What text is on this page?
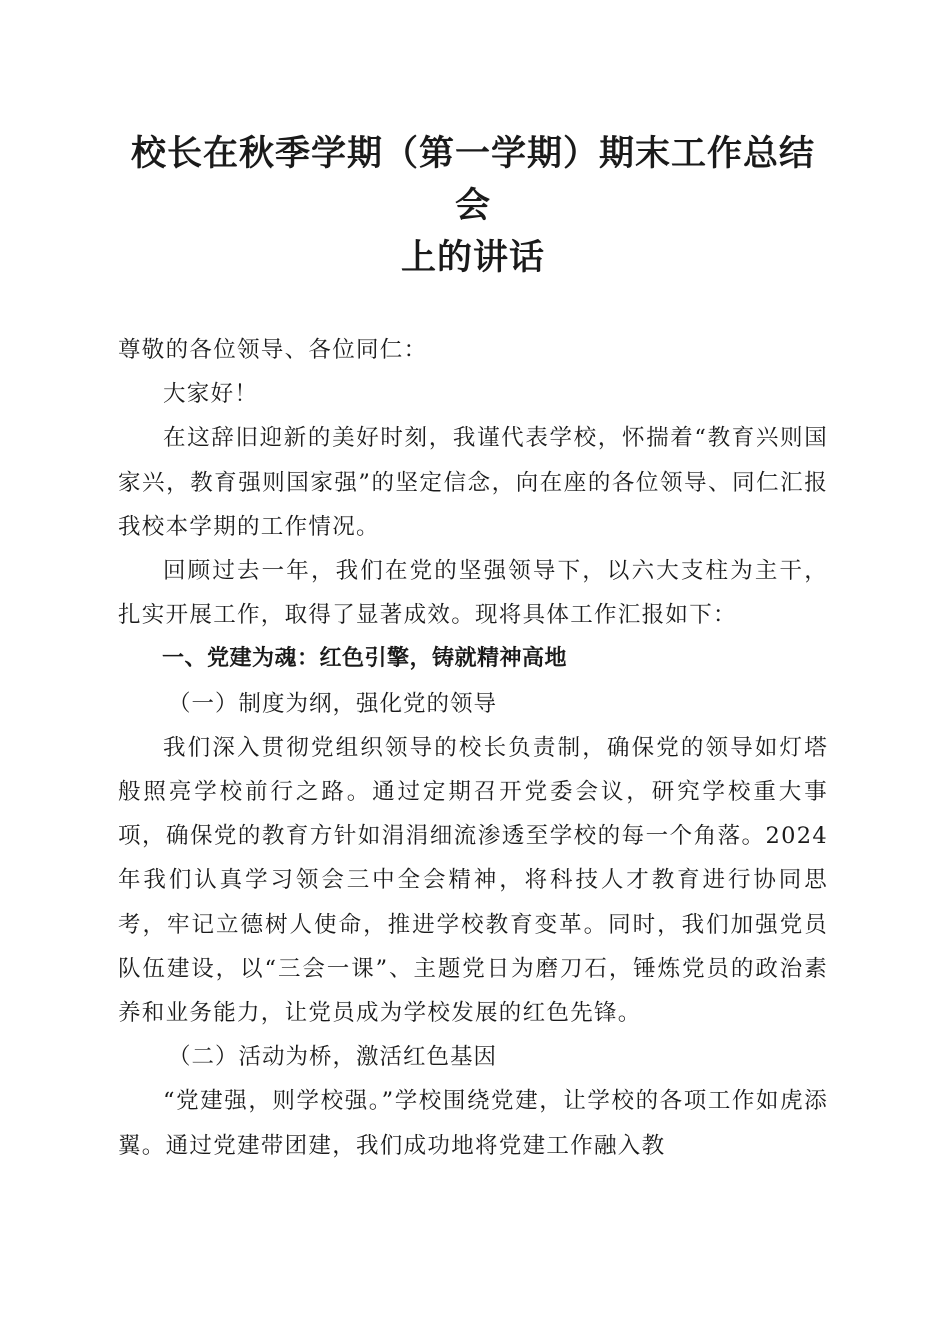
校长在秋季学期（第一学期）期末工作总结会
上的讲话

尊敬的各位领导、各位同仁：

大家好！

在这辞旧迎新的美好时刻，我谨代表学校，怀揣着“教育兴则国家兴，教育强则国家强”的坚定信念，向在座的各位领导、同仁汇报我校本学期的工作情况。

回顾过去一年，我们在党的坚强领导下，以六大支柱为主干，扎实开展工作，取得了显著成效。现将具体工作汇报如下：

一、党建为魂：红色引擎，铸就精神高地

（一）制度为纲，强化党的领导

我们深入贯彻党组织领导的校长负责制，确保党的领导如灯塔般照亮学校前行之路。通过定期召开党委会议，研究学校重大事项，确保党的教育方针如涓涓细流渗透至学校的每一个角落。2024年我们认真学习领会三中全会精神，将科技人才教育进行协同思考，牢记立德树人使命，推进学校教育变革。同时，我们加强党员队伍建设，以“三会一课”、主题党日为磨刀石，锤炼党员的政治素养和业务能力，让党员成为学校发展的红色先锋。

（二）活动为桥，激活红色基因

“党建强，则学校强。”学校围绕党建，让学校的各项工作如虎添翼。通过党建带团建，我们成功地将党建工作融入教
